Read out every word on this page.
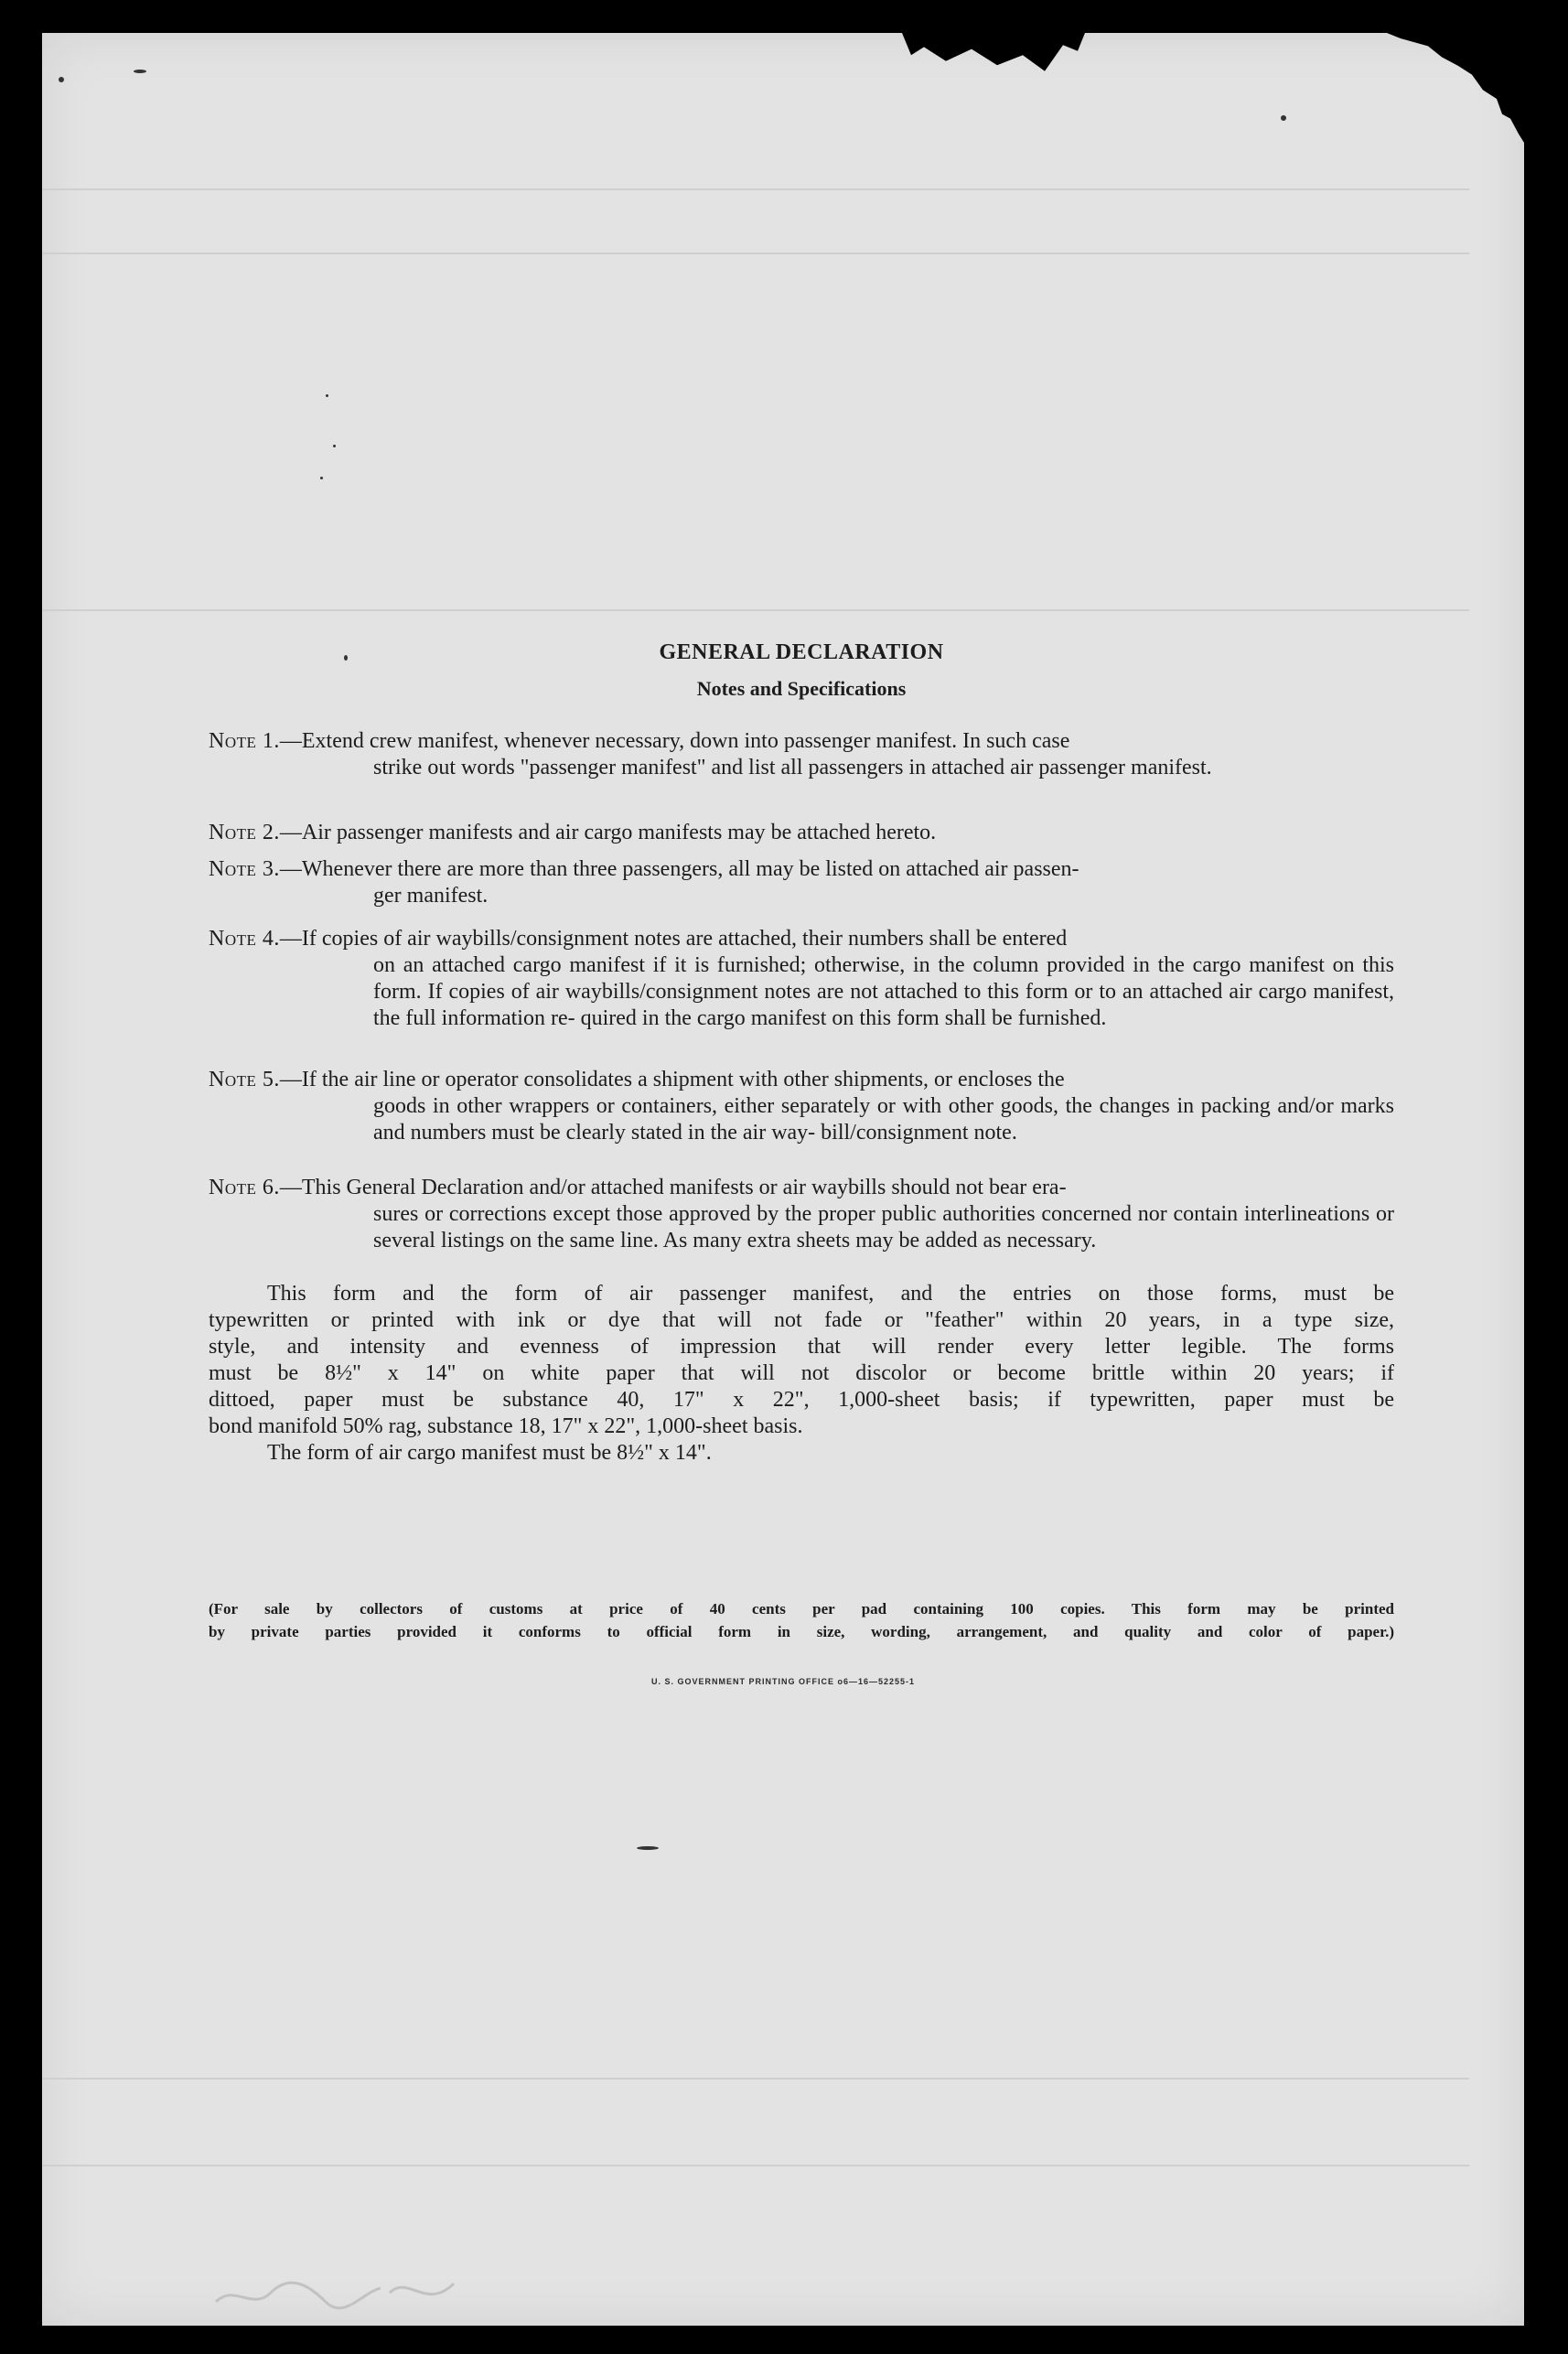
GENERAL DECLARATION
Notes and Specifications
Note 1.—Extend crew manifest, whenever necessary, down into passenger manifest. In such case
strike out words "passenger manifest" and list all passengers in attached air passenger manifest.
Note 2.—Air passenger manifests and air cargo manifests may be attached hereto.
Note 3.—Whenever there are more than three passengers, all may be listed on attached air passen-
ger manifest.
Note 4.—If copies of air waybills/consignment notes are attached, their numbers shall be entered
on an attached cargo manifest if it is furnished; otherwise, in the column provided in the cargo manifest on this form. If copies of air waybills/consignment notes are not attached to this form or to an attached air cargo manifest, the full information re- quired in the cargo manifest on this form shall be furnished.
Note 5.—If the air line or operator consolidates a shipment with other shipments, or encloses the
goods in other wrappers or containers, either separately or with other goods, the changes in packing and/or marks and numbers must be clearly stated in the air way- bill/consignment note.
Note 6.—This General Declaration and/or attached manifests or air waybills should not bear era-
sures or corrections except those approved by the proper public authorities concerned nor contain interlineations or several listings on the same line. As many extra sheets may be added as necessary.
This form and the form of air passenger manifest, and the entries on those forms, must be
typewritten or printed with ink or dye that will not fade or "feather" within 20 years, in a type size,
style, and intensity and evenness of impression that will render every letter legible. The forms
must be 8½" x 14" on white paper that will not discolor or become brittle within 20 years; if
dittoed, paper must be substance 40, 17" x 22", 1,000-sheet basis; if typewritten, paper must be
bond manifold 50% rag, substance 18, 17" x 22", 1,000-sheet basis.
The form of air cargo manifest must be 8½" x 14".
(For sale by collectors of customs at price of 40 cents per pad containing 100 copies. This form may be printed
by private parties provided it conforms to official form in size, wording, arrangement, and quality and color of paper.)
U. S. GOVERNMENT PRINTING OFFICE o6—16—52255-1
